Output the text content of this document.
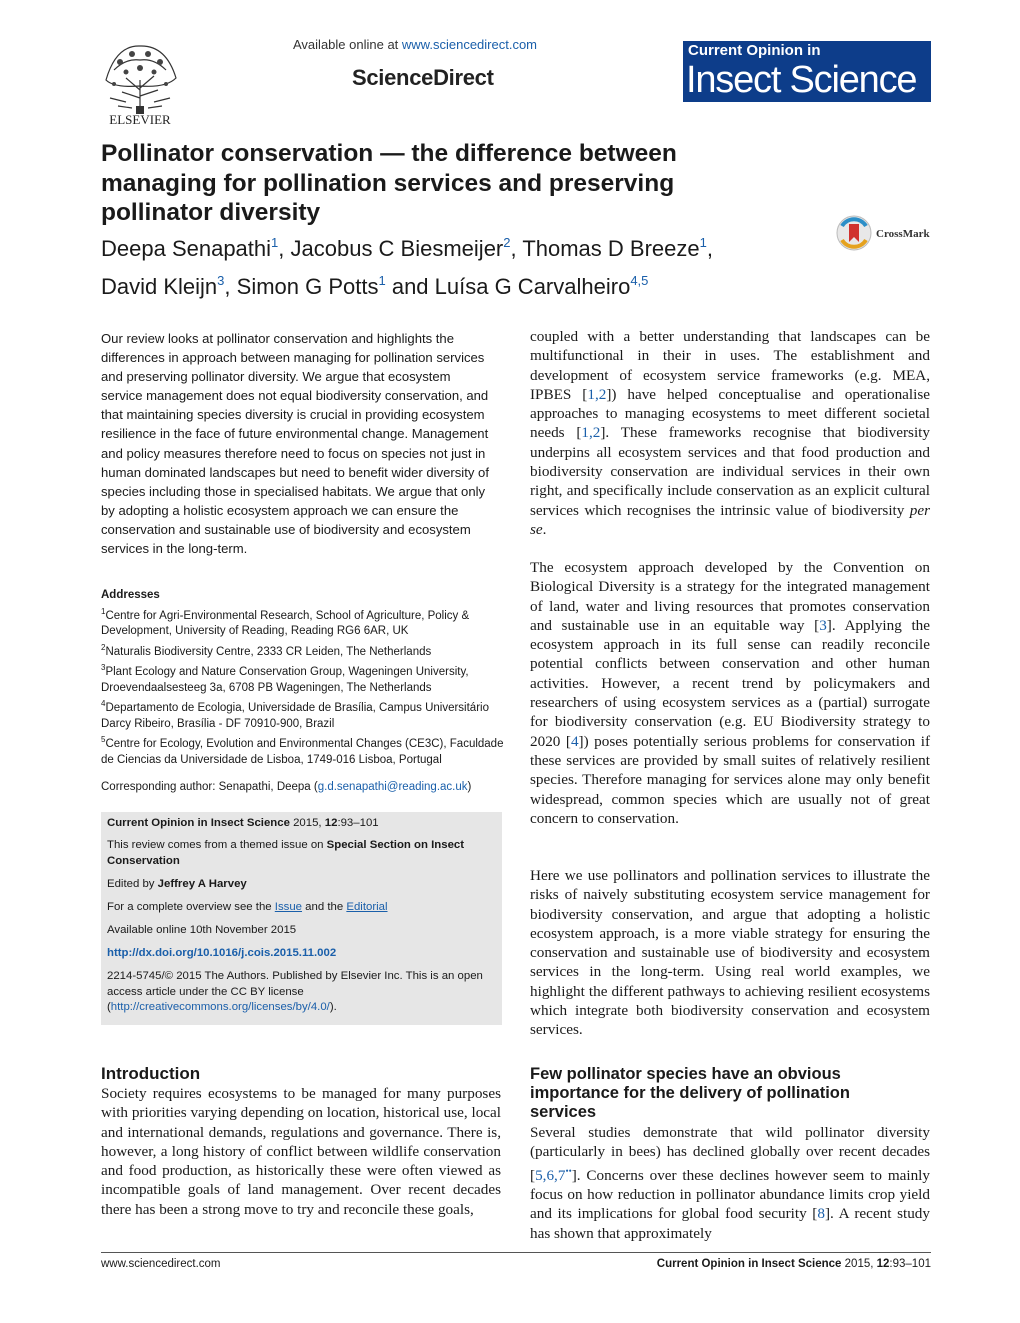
ELSEVIER
Available online at www.sciencedirect.com
ScienceDirect
Current Opinion in
Insect Science
Pollinator conservation — the difference between managing for pollination services and preserving pollinator diversity
Deepa Senapathi$^1$, Jacobus C Biesmeijer$^2$, Thomas D Breeze$^1$,
David Kleijn$^3$, Simon G Potts$^1$ and Luísa G Carvalheiro$^{4,5}$
CrossMark
Our review looks at pollinator conservation and highlights the differences in approach between managing for pollination services and preserving pollinator diversity. We argue that ecosystem service management does not equal biodiversity conservation, and that maintaining species diversity is crucial in providing ecosystem resilience in the face of future environmental change. Management and policy measures therefore need to focus on species not just in human dominated landscapes but need to benefit wider diversity of species including those in specialised habitats. We argue that only by adopting a holistic ecosystem approach we can ensure the conservation and sustainable use of biodiversity and ecosystem services in the long-term.
Addresses
$^1$Centre for Agri-Environmental Research, School of Agriculture, Policy & Development, University of Reading, Reading RG6 6AR, UK
$^2$Naturalis Biodiversity Centre, 2333 CR Leiden, The Netherlands
$^3$Plant Ecology and Nature Conservation Group, Wageningen University, Droevendaalsesteeg 3a, 6708 PB Wageningen, The Netherlands
$^4$Departamento de Ecologia, Universidade de Brasília, Campus Universitário Darcy Ribeiro, Brasília - DF 70910-900, Brazil
$^5$Centre for Ecology, Evolution and Environmental Changes (CE3C), Faculdade de Ciencias da Universidade de Lisboa, 1749-016 Lisboa, Portugal
Corresponding author: Senapathi, Deepa (g.d.senapathi@reading.ac.uk)
Current Opinion in Insect Science 2015, 12:93–101
This review comes from a themed issue on Special Section on Insect Conservation
Edited by Jeffrey A Harvey
For a complete overview see the Issue and the Editorial
Available online 10th November 2015
http://dx.doi.org/10.1016/j.cois.2015.11.002
2214-5745/© 2015 The Authors. Published by Elsevier Inc. This is an open access article under the CC BY license (http://creativecommons.org/licenses/by/4.0/).
Introduction
Society requires ecosystems to be managed for many purposes with priorities varying depending on location, historical use, local and international demands, regulations and governance. There is, however, a long history of conflict between wildlife conservation and food production, as historically these were often viewed as incompatible goals of land management. Over recent decades there has been a strong move to try and reconcile these goals,
coupled with a better understanding that landscapes can be multifunctional in their in uses. The establishment and development of ecosystem service frameworks (e.g. MEA, IPBES [1,2]) have helped conceptualise and operationalise approaches to managing ecosystems to meet different societal needs [1,2]. These frameworks recognise that biodiversity underpins all ecosystem services and that food production and biodiversity conservation are individual services in their own right, and specifically include conservation as an explicit cultural services which recognises the intrinsic value of biodiversity per se.
The ecosystem approach developed by the Convention on Biological Diversity is a strategy for the integrated management of land, water and living resources that promotes conservation and sustainable use in an equitable way [3]. Applying the ecosystem approach in its full sense can readily reconcile potential conflicts between conservation and other human activities. However, a recent trend by policymakers and researchers of using ecosystem services as a (partial) surrogate for biodiversity conservation (e.g. EU Biodiversity strategy to 2020 [4]) poses potentially serious problems for conservation if these services are provided by small suites of relatively resilient species. Therefore managing for services alone may only benefit widespread, common species which are usually not of great concern to conservation.
Here we use pollinators and pollination services to illustrate the risks of naively substituting ecosystem service management for biodiversity conservation, and argue that adopting a holistic ecosystem approach, is a more viable strategy for ensuring the conservation and sustainable use of biodiversity and ecosystem services in the long-term. Using real world examples, we highlight the different pathways to achieving resilient ecosystems which integrate both biodiversity conservation and ecosystem services.
Few pollinator species have an obvious importance for the delivery of pollination services
Several studies demonstrate that wild pollinator diversity (particularly in bees) has declined globally over recent decades [5,6,7••]. Concerns over these declines however seem to mainly focus on how reduction in pollinator abundance limits crop yield and its implications for global food security [8]. A recent study has shown that approximately
www.sciencedirect.com	Current Opinion in Insect Science 2015, 12:93–101
